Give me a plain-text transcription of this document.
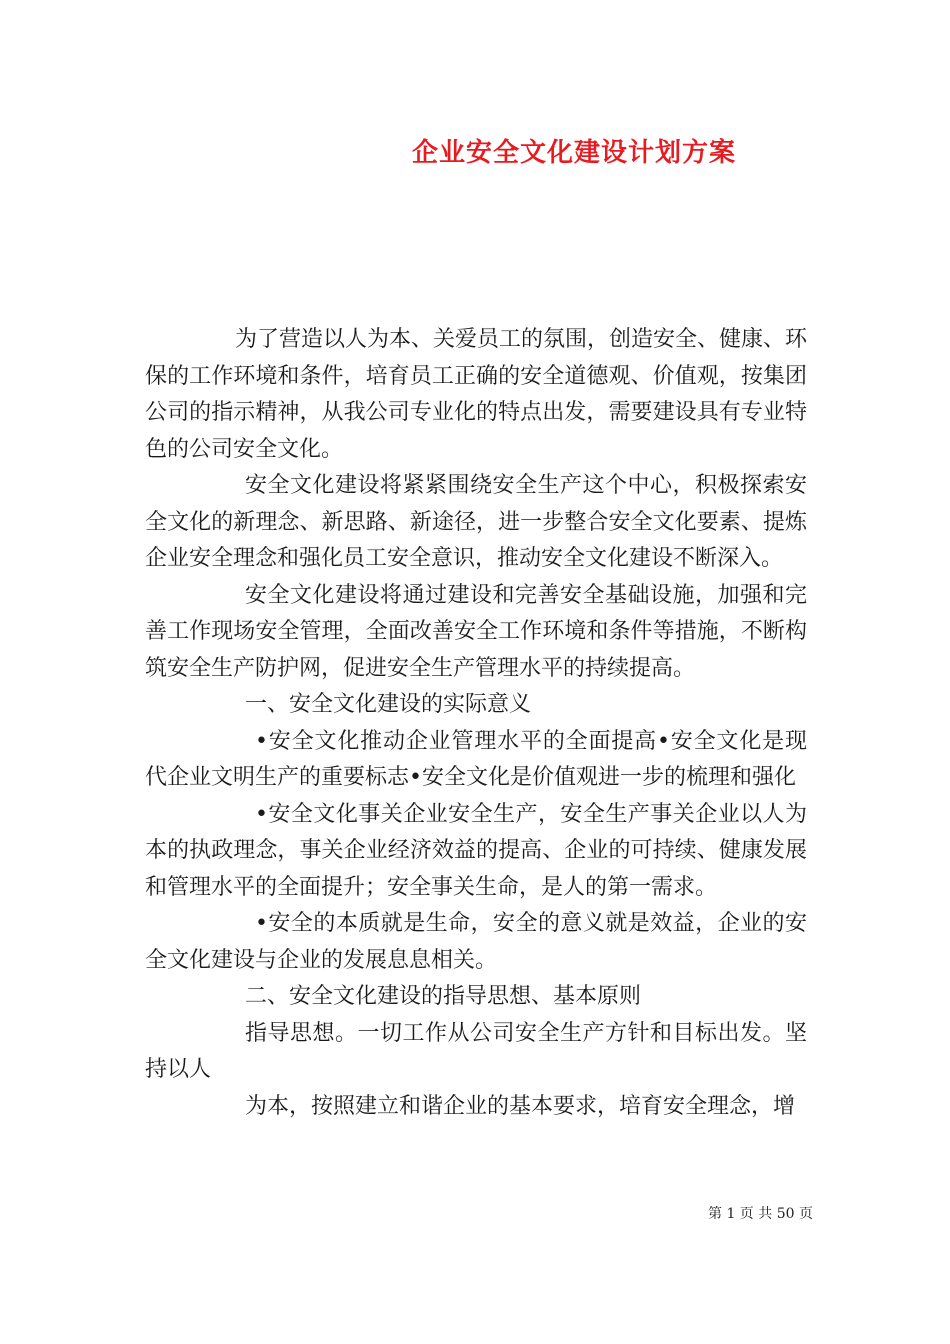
企业安全文化建设计划方案

为了营造以人为本、关爱员工的氛围，创造安全、健康、环保的工作环境和条件，培育员工正确的安全道德观、价值观，按集团公司的指示精神，从我公司专业化的特点出发，需要建设具有专业特色的公司安全文化。

安全文化建设将紧紧围绕安全生产这个中心，积极探索安全文化的新理念、新思路、新途径，进一步整合安全文化要素、提炼企业安全理念和强化员工安全意识，推动安全文化建设不断深入。

安全文化建设将通过建设和完善安全基础设施，加强和完善工作现场安全管理，全面改善安全工作环境和条件等措施，不断构筑安全生产防护网，促进安全生产管理水平的持续提高。

一、安全文化建设的实际意义

•安全文化推动企业管理水平的全面提高•安全文化是现代企业文明生产的重要标志•安全文化是价值观进一步的梳理和强化

•安全文化事关企业安全生产，安全生产事关企业以人为本的执政理念，事关企业经济效益的提高、企业的可持续、健康发展和管理水平的全面提升；安全事关生命，是人的第一需求。

•安全的本质就是生命，安全的意义就是效益，企业的安全文化建设与企业的发展息息相关。

二、安全文化建设的指导思想、基本原则

指导思想。一切工作从公司安全生产方针和目标出发。坚持以人

为本，按照建立和谐企业的基本要求，培育安全理念，增

第 1 页 共 50 页
